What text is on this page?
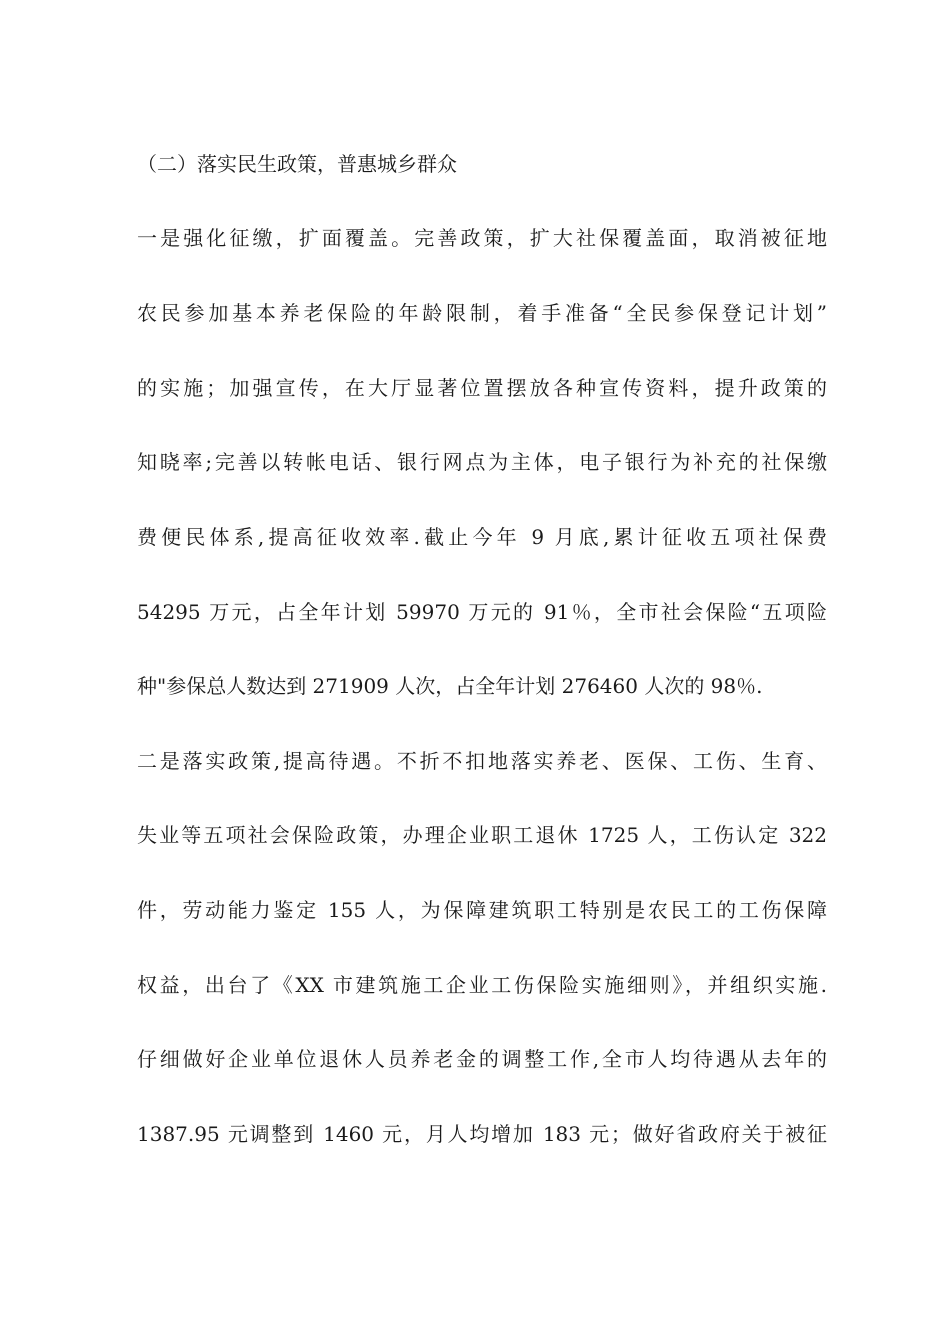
（二）落实民生政策，普惠城乡群众
一是强化征缴，扩面覆盖。完善政策，扩大社保覆盖面，取消被征地
农民参加基本养老保险的年龄限制，着手准备“全民参保登记计划”
的实施；加强宣传，在大厅显著位置摆放各种宣传资料，提升政策的
知晓率;完善以转帐电话、银行网点为主体，电子银行为补充的社保缴
费便民体系,提高征收效率.截止今年 9 月底,累计征收五项社保费
54295 万元，占全年计划 59970 万元的 91％，全市社会保险“五项险
种"参保总人数达到 271909 人次，占全年计划 276460 人次的 98％.
二是落实政策,提高待遇。不折不扣地落实养老、医保、工伤、生育、
失业等五项社会保险政策，办理企业职工退休 1725 人，工伤认定 322
件，劳动能力鉴定 155 人，为保障建筑职工特别是农民工的工伤保障
权益，出台了《XX 市建筑施工企业工伤保险实施细则》，并组织实施.
仔细做好企业单位退休人员养老金的调整工作,全市人均待遇从去年的
1387.95 元调整到 1460 元，月人均增加 183 元；做好省政府关于被征
